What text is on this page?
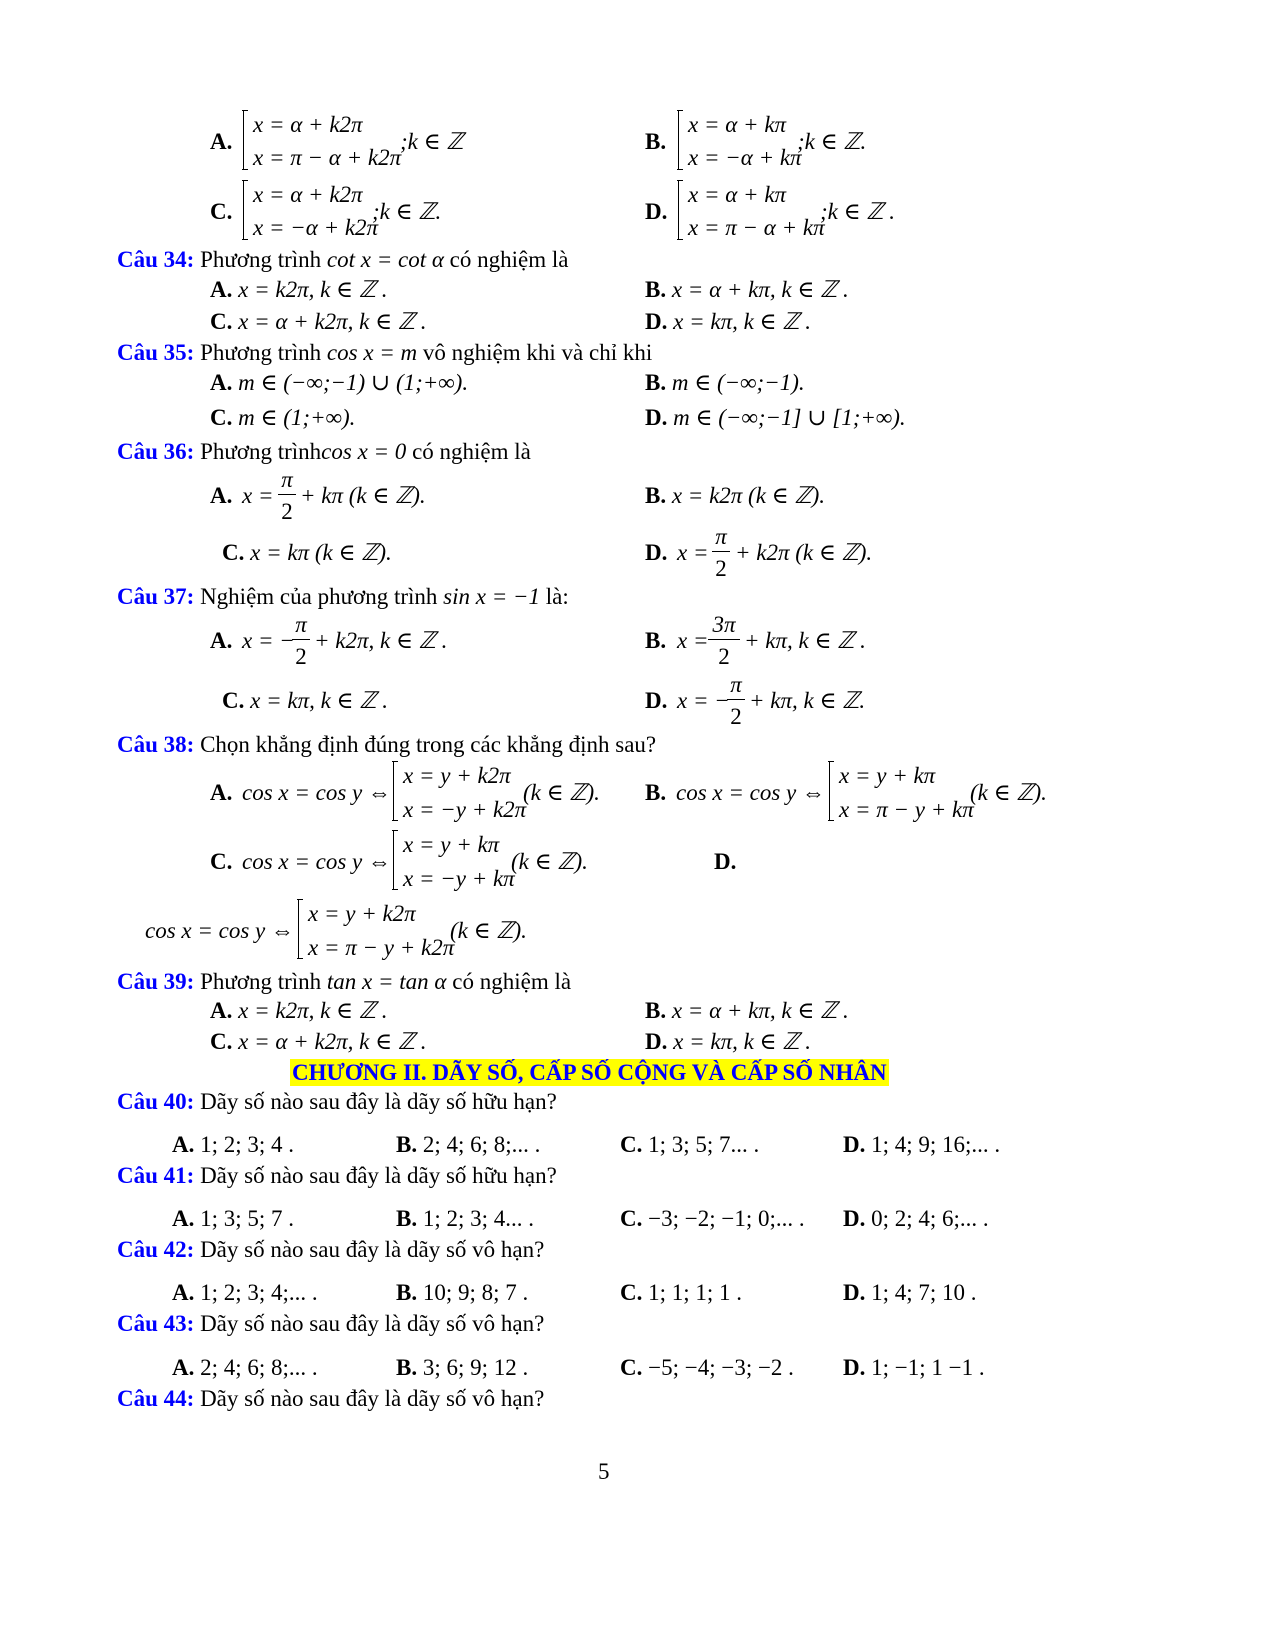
A.
x = α + k2π
x = π − α + k2π
;k ∈ ℤ	B.
x = α + kπ
x = −α + kπ
;k ∈ ℤ.
C.
x = α + k2π
x = −α + k2π
;k ∈ ℤ.	D.
x = α + kπ
x = π − α + kπ
;k ∈ ℤ .
Câu 34: Phương trình cot x = cot α có nghiệm là
A. x = k2π, k ∈ ℤ .	B. x = α + kπ, k ∈ ℤ .
C. x = α + k2π, k ∈ ℤ .	D. x = kπ, k ∈ ℤ .
Câu 35: Phương trình cos x = m vô nghiệm khi và chỉ khi
A. m ∈ (−∞;−1) ∪ (1;+∞).	B. m ∈ (−∞;−1).
C. m ∈ (1;+∞).	D. m ∈ (−∞;−1] ∪ [1;+∞).
Câu 36: Phương trìnhcos x = 0 có nghiệm là
A. x =
π
2
+ kπ (k ∈ ℤ).	B. x = k2π (k ∈ ℤ).
C. x = kπ (k ∈ ℤ).	D. x =
π
2
+ k2π (k ∈ ℤ).
Câu 37: Nghiệm của phương trình sin x = −1 là:
A. x = −
π
2
+ k2π, k ∈ ℤ .	B. x =
3π
2
+ kπ, k ∈ ℤ .
C. x = kπ, k ∈ ℤ .	D. x = −
π
2
+ kπ, k ∈ ℤ.
Câu 38: Chọn khẳng định đúng trong các khẳng định sau?
A. cos x = cos y ⇔
x = y + k2π
x = −y + k2π
(k ∈ ℤ). B. cos x = cos y ⇔
x = y + kπ
x = π − y + kπ
(k ∈ ℤ).
C. cos x = cos y ⇔
x = y + kπ
x = −y + kπ
(k ∈ ℤ).	D.
cos x = cos y ⇔
x = y + k2π
x = π − y + k2π
(k ∈ ℤ).
Câu 39: Phương trình tan x = tan α có nghiệm là
A. x = k2π, k ∈ ℤ .	B. x = α + kπ, k ∈ ℤ .
C. x = α + k2π, k ∈ ℤ .	D. x = kπ, k ∈ ℤ .
CHƯƠNG II. DÃY SỐ, CẤP SỐ CỘNG VÀ CẤP SỐ NHÂN
Câu 40: Dãy số nào sau đây là dãy số hữu hạn?
A. 1; 2; 3; 4 .	B. 2; 4; 6; 8;... .	C. 1; 3; 5; 7... .	D. 1; 4; 9; 16;... .
Câu 41: Dãy số nào sau đây là dãy số hữu hạn?
A. 1; 3; 5; 7 .	B. 1; 2; 3; 4... .	C. −3; −2; −1; 0;... . D. 0; 2; 4; 6;... .
Câu 42: Dãy số nào sau đây là dãy số vô hạn?
A. 1; 2; 3; 4;... .	B. 10; 9; 8; 7 .	C. 1; 1; 1; 1 .	D. 1; 4; 7; 10 .
Câu 43: Dãy số nào sau đây là dãy số vô hạn?
A. 2; 4; 6; 8;... .	B. 3; 6; 9; 12 .	C. −5; −4; −3; −2 . D. 1; −1; 1 −1 .
Câu 44: Dãy số nào sau đây là dãy số vô hạn?
5
